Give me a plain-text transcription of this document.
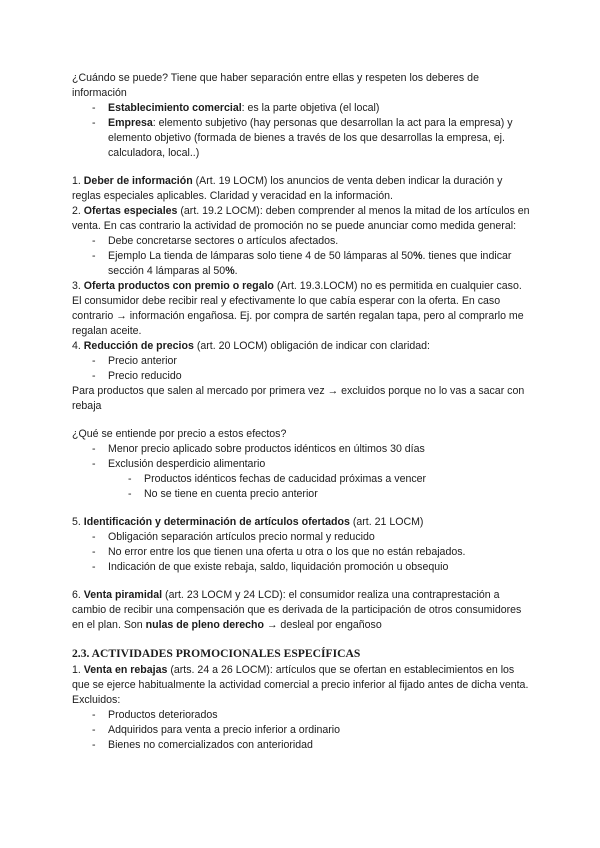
¿Cuándo se puede? Tiene que haber separación entre ellas y respeten los deberes de información

- Establecimiento comercial: es la parte objetiva (el local)
- Empresa: elemento subjetivo (hay personas que desarrollan la act para la empresa) y elemento objetivo (formada de bienes a través de los que desarrollas la empresa, ej. calculadora, local..)

1. Deber de información (Art. 19 LOCM) los anuncios de venta deben indicar la duración y reglas especiales aplicables. Claridad y veracidad en la información.

2. Ofertas especiales (art. 19.2 LOCM): deben comprender al menos la mitad de los artículos en venta. En cas contrario la actividad de promoción no se puede anunciar como medida general:

- Debe concretarse sectores o artículos afectados.
- Ejemplo La tienda de lámparas solo tiene 4 de 50 lámparas al 50%. tienes que indicar sección 4 lámparas al 50%.

3. Oferta productos con premio o regalo (Art. 19.3.LOCM) no es permitida en cualquier caso. El consumidor debe recibir real y efectivamente lo que cabía esperar con la oferta. En caso contrario → información engañosa. Ej. por compra de sartén regalan tapa, pero al comprarlo me regalan aceite.

4. Reducción de precios (art. 20 LOCM) obligación de indicar con claridad:

- Precio anterior
- Precio reducido

Para productos que salen al mercado por primera vez → excluidos porque no lo vas a sacar con rebaja

¿Qué se entiende por precio a estos efectos?

- Menor precio aplicado sobre productos idénticos en últimos 30 días
- Exclusión desperdicio alimentario
- Productos idénticos fechas de caducidad próximas a vencer
- No se tiene en cuenta precio anterior

5. Identificación y determinación de artículos ofertados (art. 21 LOCM)

- Obligación separación artículos precio normal y reducido
- No error entre los que tienen una oferta u otra o los que no están rebajados.
- Indicación de que existe rebaja, saldo, liquidación promoción u obsequio

6. Venta piramidal (art. 23 LOCM y 24 LCD): el consumidor realiza una contraprestación a cambio de recibir una compensación que es derivada de la participación de otros consumidores en el plan. Son nulas de pleno derecho → desleal por engañoso

2.3. ACTIVIDADES PROMOCIONALES ESPECÍFICAS

1. Venta en rebajas (arts. 24 a 26 LOCM): artículos que se ofertan en establecimientos en los que se ejerce habitualmente la actividad comercial a precio inferior al fijado antes de dicha venta. Excluidos:

- Productos deteriorados
- Adquiridos para venta a precio inferior a ordinario
- Bienes no comercializados con anterioridad
